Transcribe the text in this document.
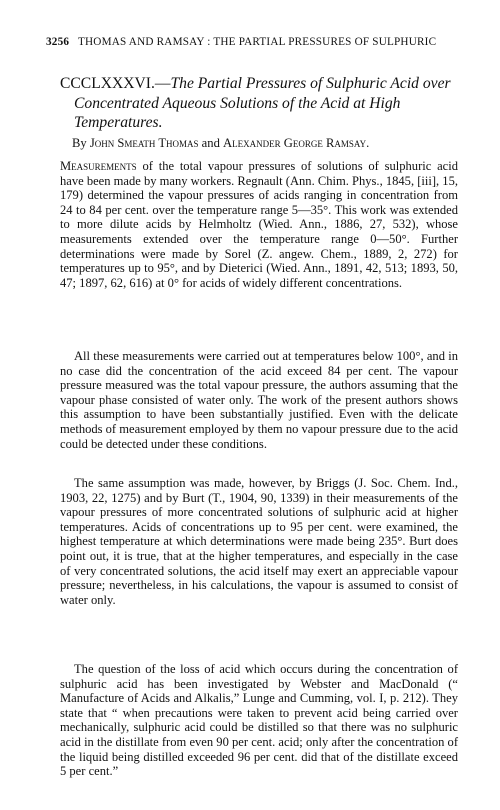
3256 THOMAS AND RAMSAY : THE PARTIAL PRESSURES OF SULPHURIC
CCCLXXXVI.—The Partial Pressures of Sulphuric Acid over Concentrated Aqueous Solutions of the Acid at High Temperatures.
By John Smeath Thomas and Alexander George Ramsay.

Measurements of the total vapour pressures of solutions of sulphuric acid have been made by many workers. Regnault (Ann. Chim. Phys., 1845, [iii], 15, 179) determined the vapour pressures of acids ranging in concentration from 24 to 84 per cent. over the temperature range 5—35°. This work was extended to more dilute acids by Helmholtz (Wied. Ann., 1886, 27, 532), whose measurements extended over the temperature range 0—50°. Further determinations were made by Sorel (Z. angew. Chem., 1889, 2, 272) for temperatures up to 95°, and by Dieterici (Wied. Ann., 1891, 42, 513; 1893, 50, 47; 1897, 62, 616) at 0° for acids of widely different concentrations.

All these measurements were carried out at temperatures below 100°, and in no case did the concentration of the acid exceed 84 per cent. The vapour pressure measured was the total vapour pressure, the authors assuming that the vapour phase consisted of water only. The work of the present authors shows this assumption to have been substantially justified. Even with the delicate methods of measurement employed by them no vapour pressure due to the acid could be detected under these conditions.

The same assumption was made, however, by Briggs (J. Soc. Chem. Ind., 1903, 22, 1275) and by Burt (T., 1904, 90, 1339) in their measurements of the vapour pressures of more concentrated solutions of sulphuric acid at higher temperatures. Acids of concentrations up to 95 per cent. were examined, the highest temperature at which determinations were made being 235°. Burt does point out, it is true, that at the higher temperatures, and especially in the case of very concentrated solutions, the acid itself may exert an appreciable vapour pressure; nevertheless, in his calculations, the vapour is assumed to consist of water only.

The question of the loss of acid which occurs during the concentration of sulphuric acid has been investigated by Webster and MacDonald (“ Manufacture of Acids and Alkalis,” Lunge and Cumming, vol. I, p. 212). They state that “ when precautions were taken to prevent acid being carried over mechanically, sulphuric acid could be distilled so that there was no sulphuric acid in the distillate from even 90 per cent. acid; only after the concentration of the liquid being distilled exceeded 96 per cent. did that of the distillate exceed 5 per cent.”
